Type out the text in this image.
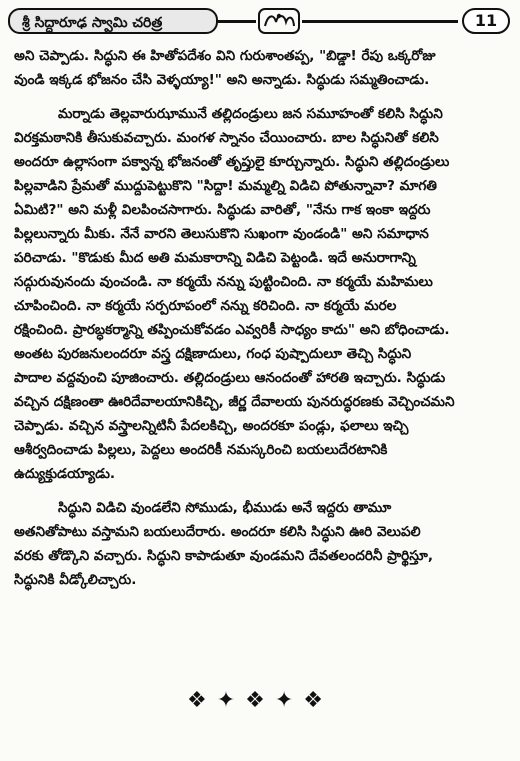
శ్రీ సిద్ధారూఢ స్వామి చరిత్ర	11

అని చెప్పాడు. సిద్ధుని ఈ హితోపదేశం విని గురుశాంతప్ప, "బిడ్డా! రేపు ఒక్కరోజు
వుండి ఇక్కడ భోజనం చేసి వెళ్ళయ్యా!" అని అన్నాడు. సిద్ధుడు సమ్మతించాడు.

మర్నాడు తెల్లవారుఝామునే తల్లిదండ్రులు జన సమూహంతో కలిసి సిద్ధుని
విరక్తమఠానికి తీసుకువచ్చారు. మంగళ స్నానం చేయించారు. బాల సిద్ధునితో కలిసి
అందరూ ఉల్లాసంగా పక్వాన్న భోజనంతో తృప్తులై కూర్చున్నారు. సిద్ధుని తల్లిదండ్రులు
పిల్లవాడిని ప్రేమతో ముద్దుపెట్టుకొని "సిద్దా! మమ్మల్ని విడిచి పోతున్నావా? మాగతి
ఏమిటి?" అని మళ్లీ విలపించసాగారు. సిద్ధుడు వారితో, "నేను గాక ఇంకా ఇద్దరు
పిల్లలున్నారు మీకు. నేనే వారని తెలుసుకొని సుఖంగా వుండండి" అని సమాధాన
పరిచాడు. "కొడుకు మీద అతి మమకారాన్ని విడిచి పెట్టండి. ఇదే అనురాగాన్ని
సద్గురువునందు వుంచండి. నా కర్మయే నన్ను పుట్టించింది. నా కర్మయే మహిమలు
చూపించింది. నా కర్మయే సర్పరూపంలో నన్ను కరిచింది. నా కర్మయే మరల
రక్షించింది. ప్రారబ్ధకర్మాన్ని తప్పించుకోవడం ఎవ్వరికీ సాధ్యం కాదు" అని బోధించాడు.
అంతట పురజనులందరూ వస్త్ర దక్షిణాదులు, గంధ పుష్పాదులూ తెచ్చి సిద్ధుని
పాదాల వద్దవుంచి పూజించారు. తల్లిదండ్రులు ఆనందంతో హారతి ఇచ్చారు. సిద్ధుడు
వచ్చిన దక్షిణంతా ఊరిదేవాలయానికిచ్చి, జీర్ణ దేవాలయ పునరుద్ధరణకు వెచ్చించమని
చెప్పాడు. వచ్చిన వస్త్రాలన్నిటినీ పేదలకిచ్చి, అందరకూ పండ్లు, ఫలాలు ఇచ్చి
ఆశీర్వదించాడు పిల్లలు, పెద్దలు అందరికీ నమస్కరించి బయలుదేరటానికి
ఉద్యుక్తుడయ్యాడు.

సిద్ధుని విడిచి వుండలేని సోముడు, భీముడు అనే ఇద్దరు తామూ
అతనితోపాటు వస్తామని బయలుదేరారు. అందరూ కలిసి సిద్ధుని ఊరి వెలుపలి
వరకు తోడ్కొని వచ్చారు. సిద్ధుని కాపాడుతూ వుండమని దేవతలందరినీ ప్రార్థిస్తూ,
సిద్ధునికి వీడ్కోలిచ్చారు.

❖✦❖✦❖
